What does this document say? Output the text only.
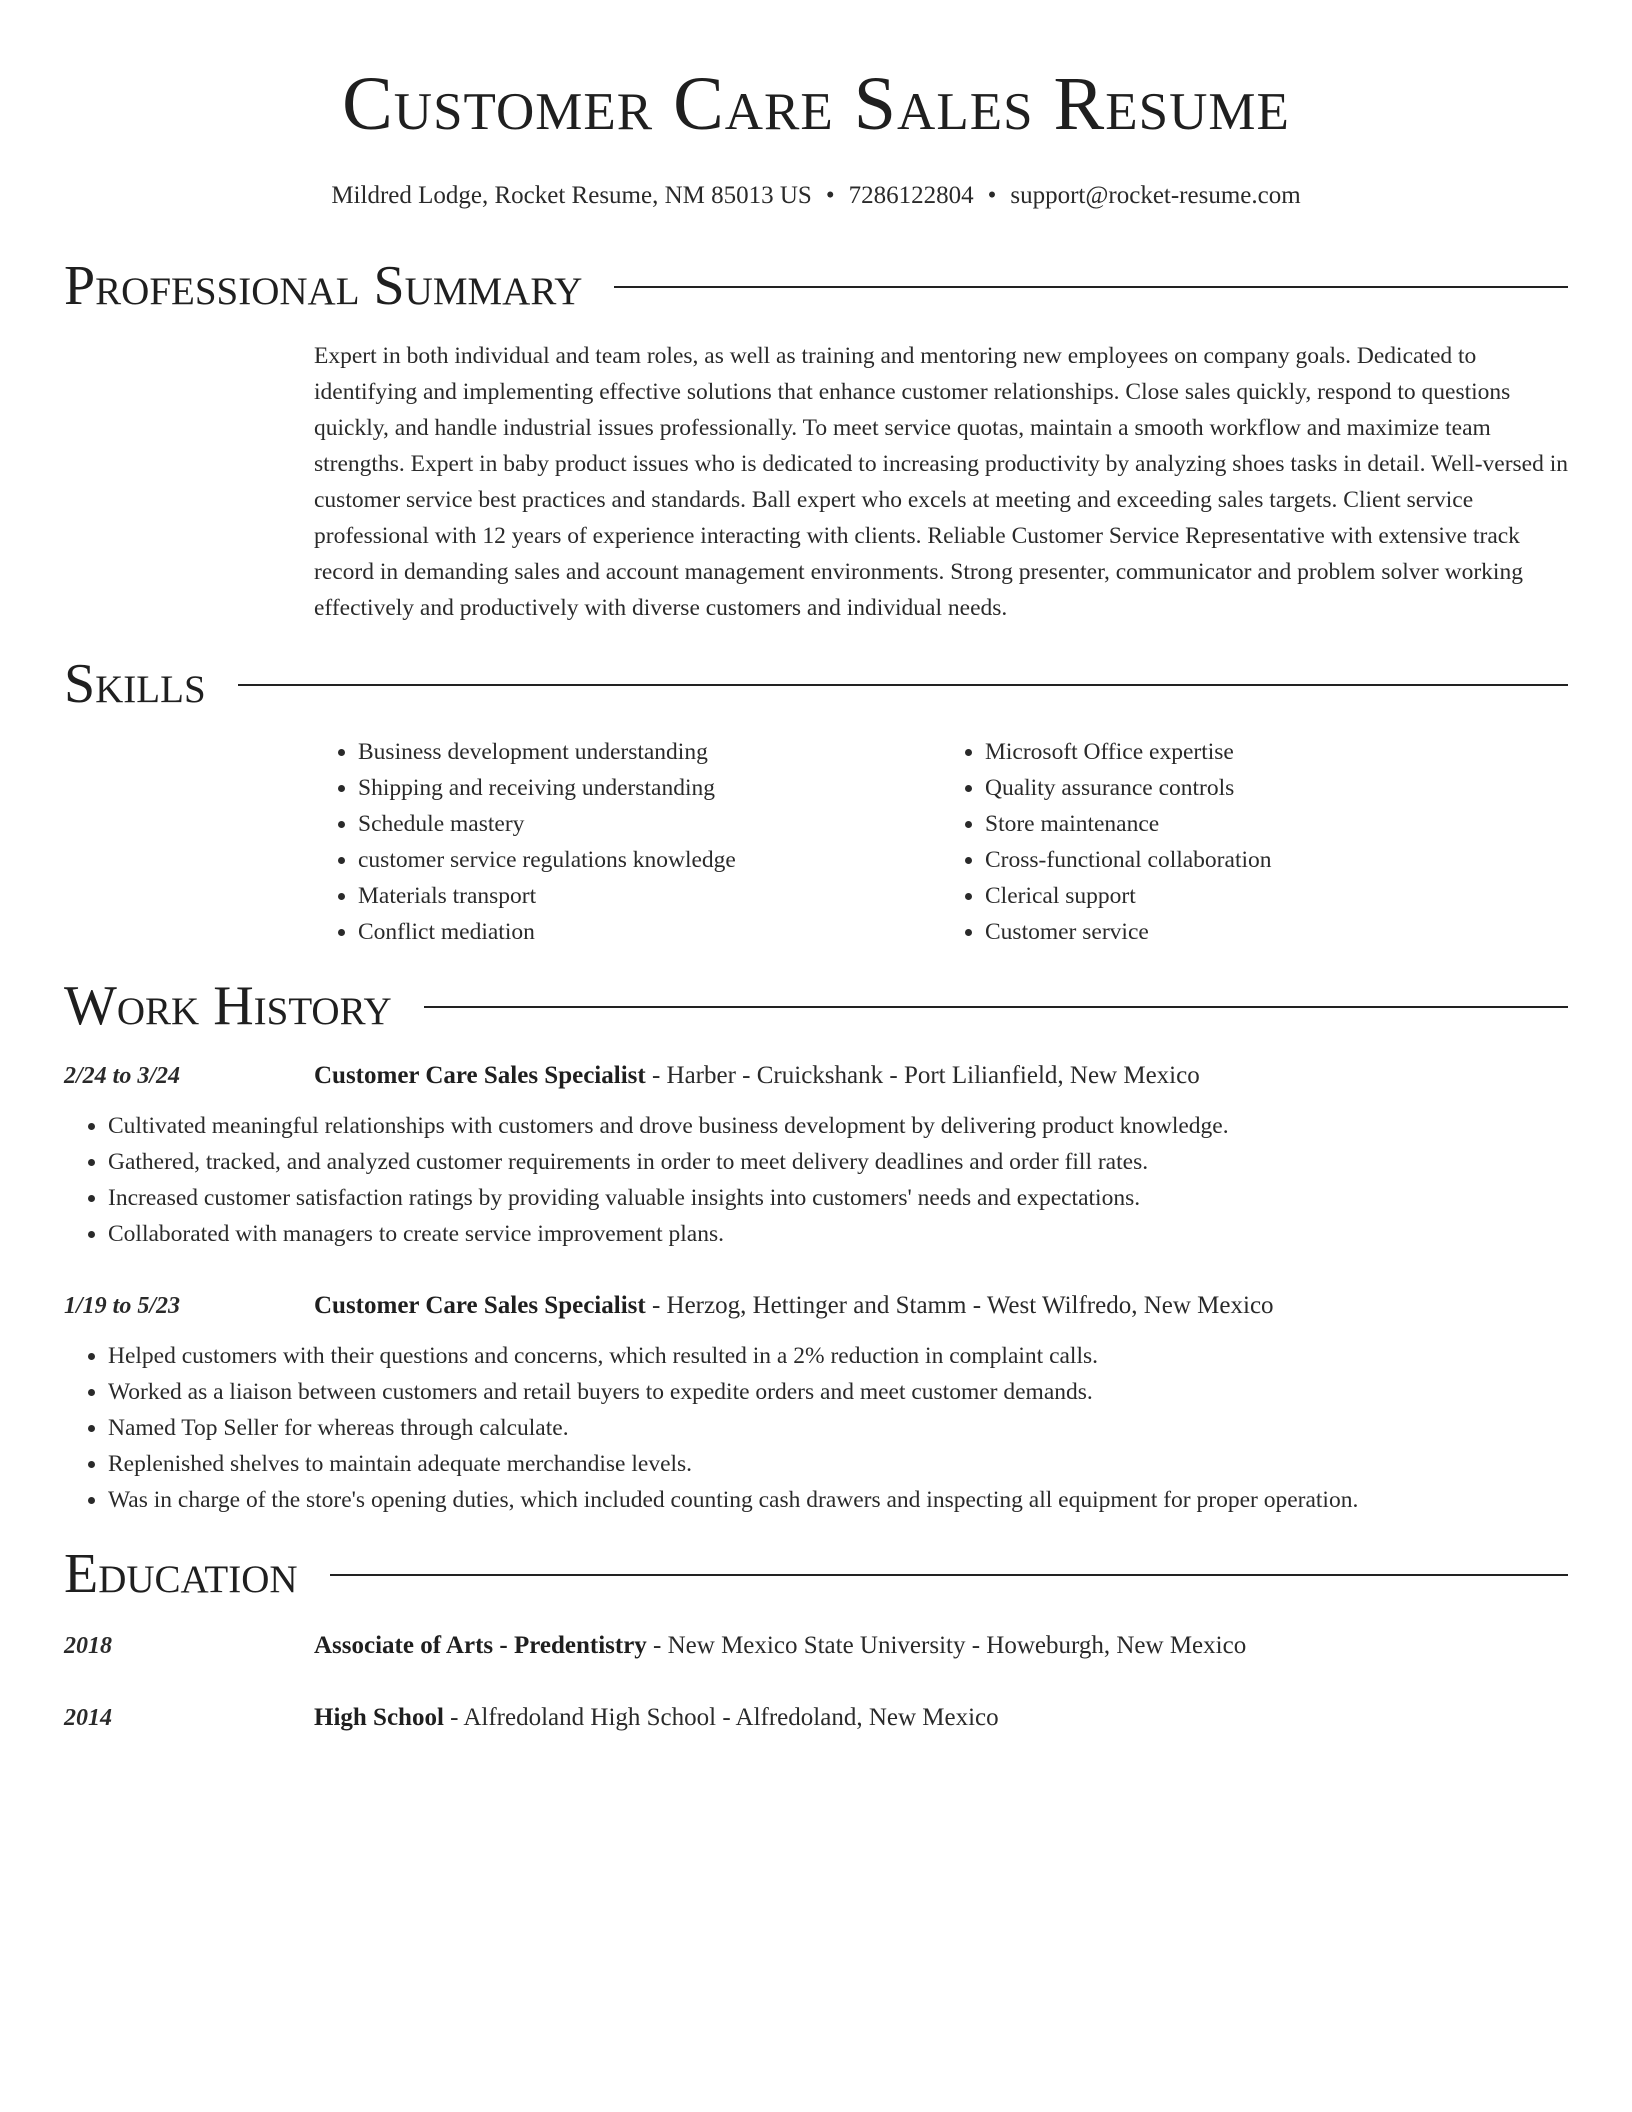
Customer Care Sales Resume
Mildred Lodge, Rocket Resume, NM 85013 US • 7286122804 • support@rocket-resume.com
Professional Summary
Expert in both individual and team roles, as well as training and mentoring new employees on company goals. Dedicated to identifying and implementing effective solutions that enhance customer relationships. Close sales quickly, respond to questions quickly, and handle industrial issues professionally. To meet service quotas, maintain a smooth workflow and maximize team strengths. Expert in baby product issues who is dedicated to increasing productivity by analyzing shoes tasks in detail. Well-versed in customer service best practices and standards. Ball expert who excels at meeting and exceeding sales targets. Client service professional with 12 years of experience interacting with clients. Reliable Customer Service Representative with extensive track record in demanding sales and account management environments. Strong presenter, communicator and problem solver working effectively and productively with diverse customers and individual needs.
Skills
• Business development understanding
• Shipping and receiving understanding
• Schedule mastery
• customer service regulations knowledge
• Materials transport
• Conflict mediation
• Microsoft Office expertise
• Quality assurance controls
• Store maintenance
• Cross-functional collaboration
• Clerical support
• Customer service
Work History
2/24 to 3/24	Customer Care Sales Specialist - Harber - Cruickshank - Port Lilianfield, New Mexico
• Cultivated meaningful relationships with customers and drove business development by delivering product knowledge.
• Gathered, tracked, and analyzed customer requirements in order to meet delivery deadlines and order fill rates.
• Increased customer satisfaction ratings by providing valuable insights into customers' needs and expectations.
• Collaborated with managers to create service improvement plans.
1/19 to 5/23	Customer Care Sales Specialist - Herzog, Hettinger and Stamm - West Wilfredo, New Mexico
• Helped customers with their questions and concerns, which resulted in a 2% reduction in complaint calls.
• Worked as a liaison between customers and retail buyers to expedite orders and meet customer demands.
• Named Top Seller for whereas through calculate.
• Replenished shelves to maintain adequate merchandise levels.
• Was in charge of the store's opening duties, which included counting cash drawers and inspecting all equipment for proper operation.
Education
2018	Associate of Arts - Predentistry - New Mexico State University - Howeburgh, New Mexico
2014	High School - Alfredoland High School - Alfredoland, New Mexico
